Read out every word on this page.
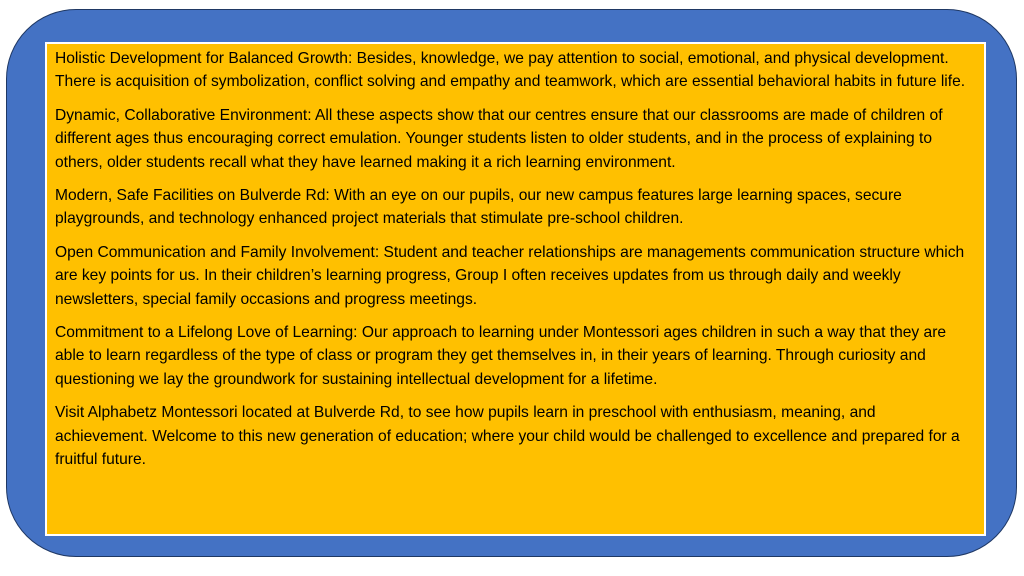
Holistic Development for Balanced Growth: Besides, knowledge, we pay attention to social, emotional, and physical development. There is acquisition of symbolization, conflict solving and empathy and teamwork, which are essential behavioral habits in future life.

Dynamic, Collaborative Environment: All these aspects show that our centres ensure that our classrooms are made of children of different ages thus encouraging correct emulation. Younger students listen to older students, and in the process of explaining to others, older students recall what they have learned making it a rich learning environment.

Modern, Safe Facilities on Bulverde Rd: With an eye on our pupils, our new campus features large learning spaces, secure playgrounds, and technology enhanced project materials that stimulate pre-school children.

Open Communication and Family Involvement: Student and teacher relationships are managements communication structure which are key points for us. In their children’s learning progress, Group I often receives updates from us through daily and weekly newsletters, special family occasions and progress meetings.

Commitment to a Lifelong Love of Learning: Our approach to learning under Montessori ages children in such a way that they are able to learn regardless of the type of class or program they get themselves in, in their years of learning. Through curiosity and questioning we lay the groundwork for sustaining intellectual development for a lifetime.

Visit Alphabetz Montessori located at Bulverde Rd, to see how pupils learn in preschool with enthusiasm, meaning, and achievement. Welcome to this new generation of education; where your child would be challenged to excellence and prepared for a fruitful future.
